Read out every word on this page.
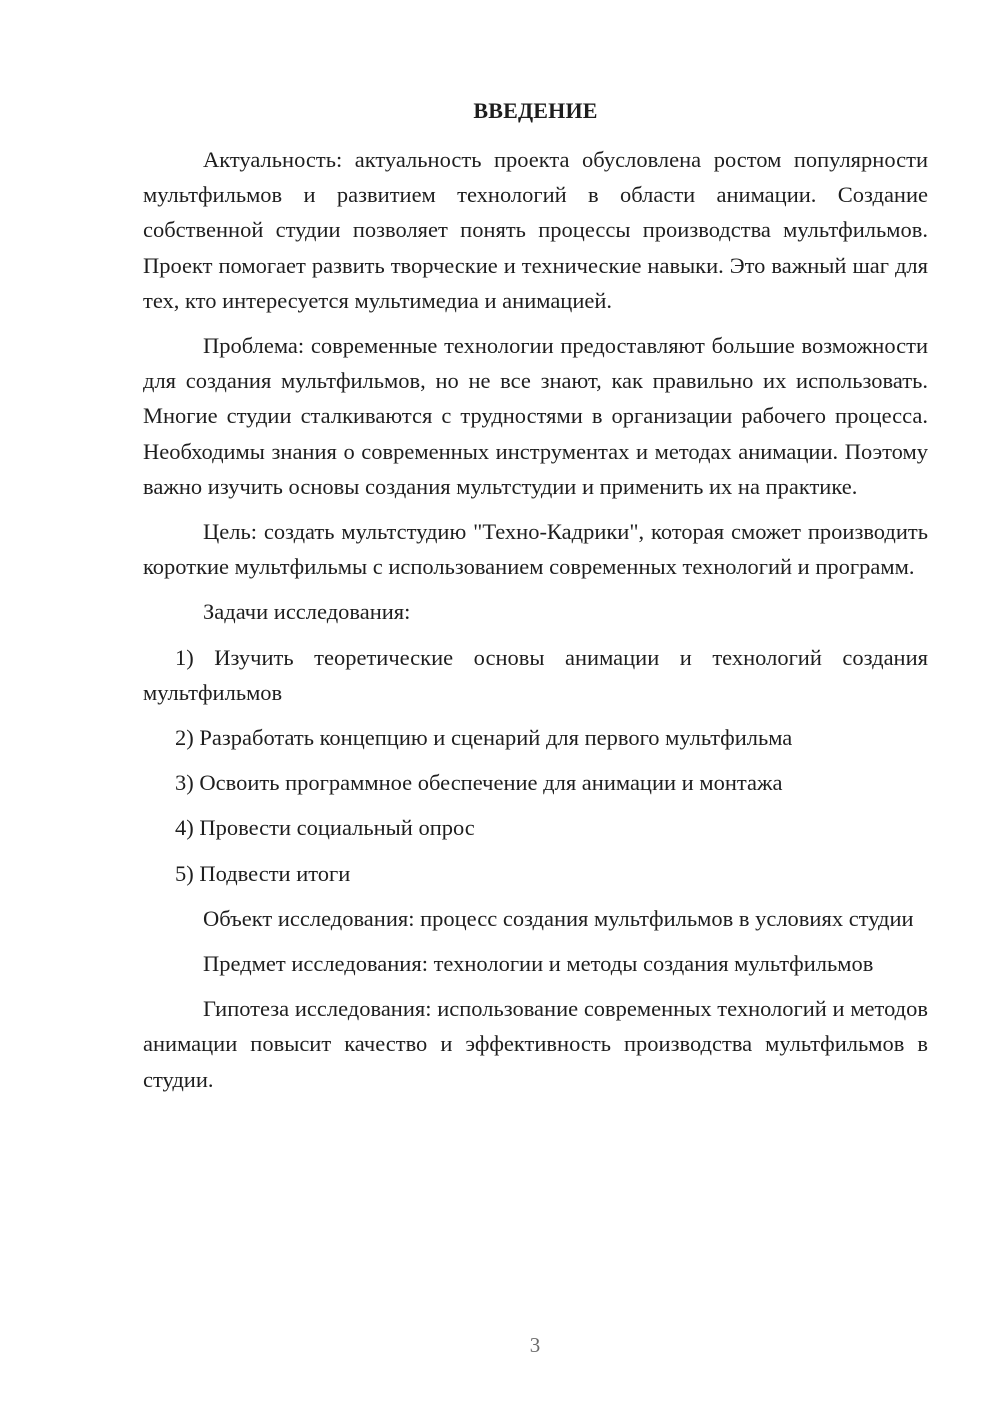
ВВЕДЕНИЕ

Актуальность: актуальность проекта обусловлена ростом популярности мультфильмов и развитием технологий в области анимации. Создание собственной студии позволяет понять процессы производства мультфильмов. Проект помогает развить творческие и технические навыки. Это важный шаг для тех, кто интересуется мультимедиа и анимацией.

Проблема: современные технологии предоставляют большие возможности для создания мультфильмов, но не все знают, как правильно их использовать. Многие студии сталкиваются с трудностями в организации рабочего процесса. Необходимы знания о современных инструментах и методах анимации. Поэтому важно изучить основы создания мультстудии и применить их на практике.

Цель: создать мультстудию "Техно-Кадрики", которая сможет производить короткие мультфильмы с использованием современных технологий и программ.

Задачи исследования:

1) Изучить теоретические основы анимации и технологий создания мультфильмов

2) Разработать концепцию и сценарий для первого мультфильма

3) Освоить программное обеспечение для анимации и монтажа

4) Провести социальный опрос

5) Подвести итоги

Объект исследования: процесс создания мультфильмов в условиях студии

Предмет исследования: технологии и методы создания мультфильмов

Гипотеза исследования: использование современных технологий и методов анимации повысит качество и эффективность производства мультфильмов в студии.

3
